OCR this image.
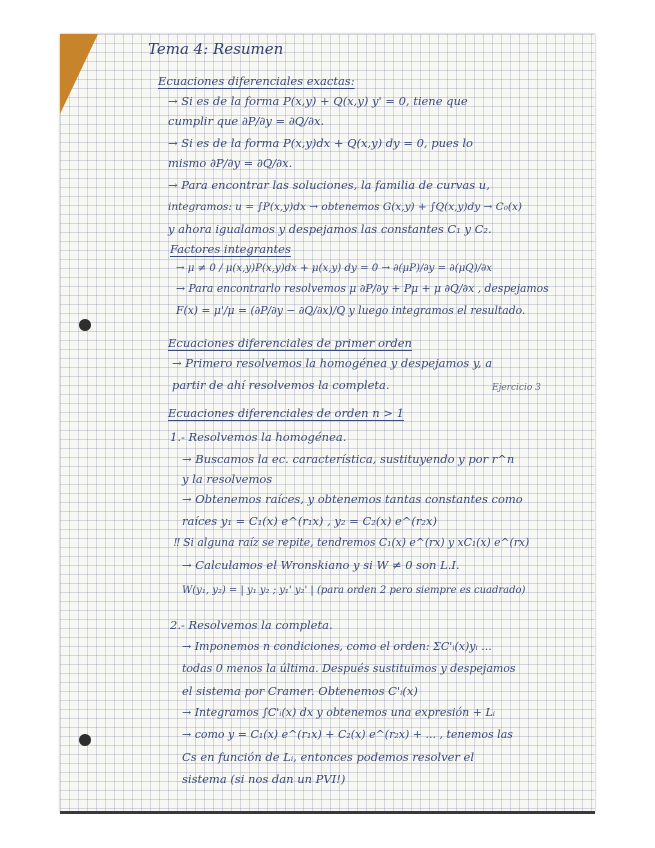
Tema 4: Resumen
Ecuaciones diferenciales exactas:
→ Si es de la forma P(x,y) + Q(x,y) y' = 0, tiene que
cumplir que ∂P/∂y = ∂Q/∂x.
→ Si es de la forma P(x,y)dx + Q(x,y) dy = 0, pues lo
mismo ∂P/∂y = ∂Q/∂x.
→ Para encontrar las soluciones, la familia de curvas u,
integramos: u = ∫P(x,y)dx → obtenemos G(x,y) + ∫Q(x,y)dy → C₀(x)
y ahora igualamos y despejamos las constantes C₁ y C₂.
Factores integrantes
→ μ ≠ 0 / μ(x,y)P(x,y)dx + μ(x,y) dy = 0 → ∂(μP)/∂y = ∂(μQ)/∂x
→ Para encontrarlo resolvemos μ ∂P/∂y + Pμ + μ ∂Q/∂x , despejamos
F(x) = μ'/μ = (∂P/∂y − ∂Q/∂x)/Q y luego integramos el resultado.
Ecuaciones diferenciales de primer orden
→ Primero resolvemos la homogénea y despejamos y, a
partir de ahí resolvemos la completa.	Ejercicio 3
Ecuaciones diferenciales de orden n > 1
1.- Resolvemos la homogénea.
→ Buscamos la ec. característica, sustituyendo y por r^n
y la resolvemos
→ Obtenemos raíces, y obtenemos tantas constantes como
raíces y₁ = C₁(x) e^(r₁x) , y₂ = C₂(x) e^(r₂x)
‼ Si alguna raíz se repite, tendremos C₁(x) e^(rx) y xC₁(x) e^(rx)
→ Calculamos el Wronskiano y si W ≠ 0 son L.I.
W(y₁, y₂) = | y₁ y₂ ; y₁' y₂' | (para orden 2 pero siempre es cuadrado)
2.- Resolvemos la completa.
→ Imponemos n condiciones, como el orden: ΣC'ᵢ(x)yᵢ ...
todas 0 menos la última. Después sustituimos y despejamos
el sistema por Cramer. Obtenemos C'ᵢ(x)
→ Integramos ∫C'ᵢ(x) dx y obtenemos una expresión + Lᵢ
→ como y = C₁(x) e^(r₁x) + C₂(x) e^(r₂x) + ... , tenemos las
Cs en función de Lᵢ, entonces podemos resolver el
sistema (si nos dan un PVI!)
